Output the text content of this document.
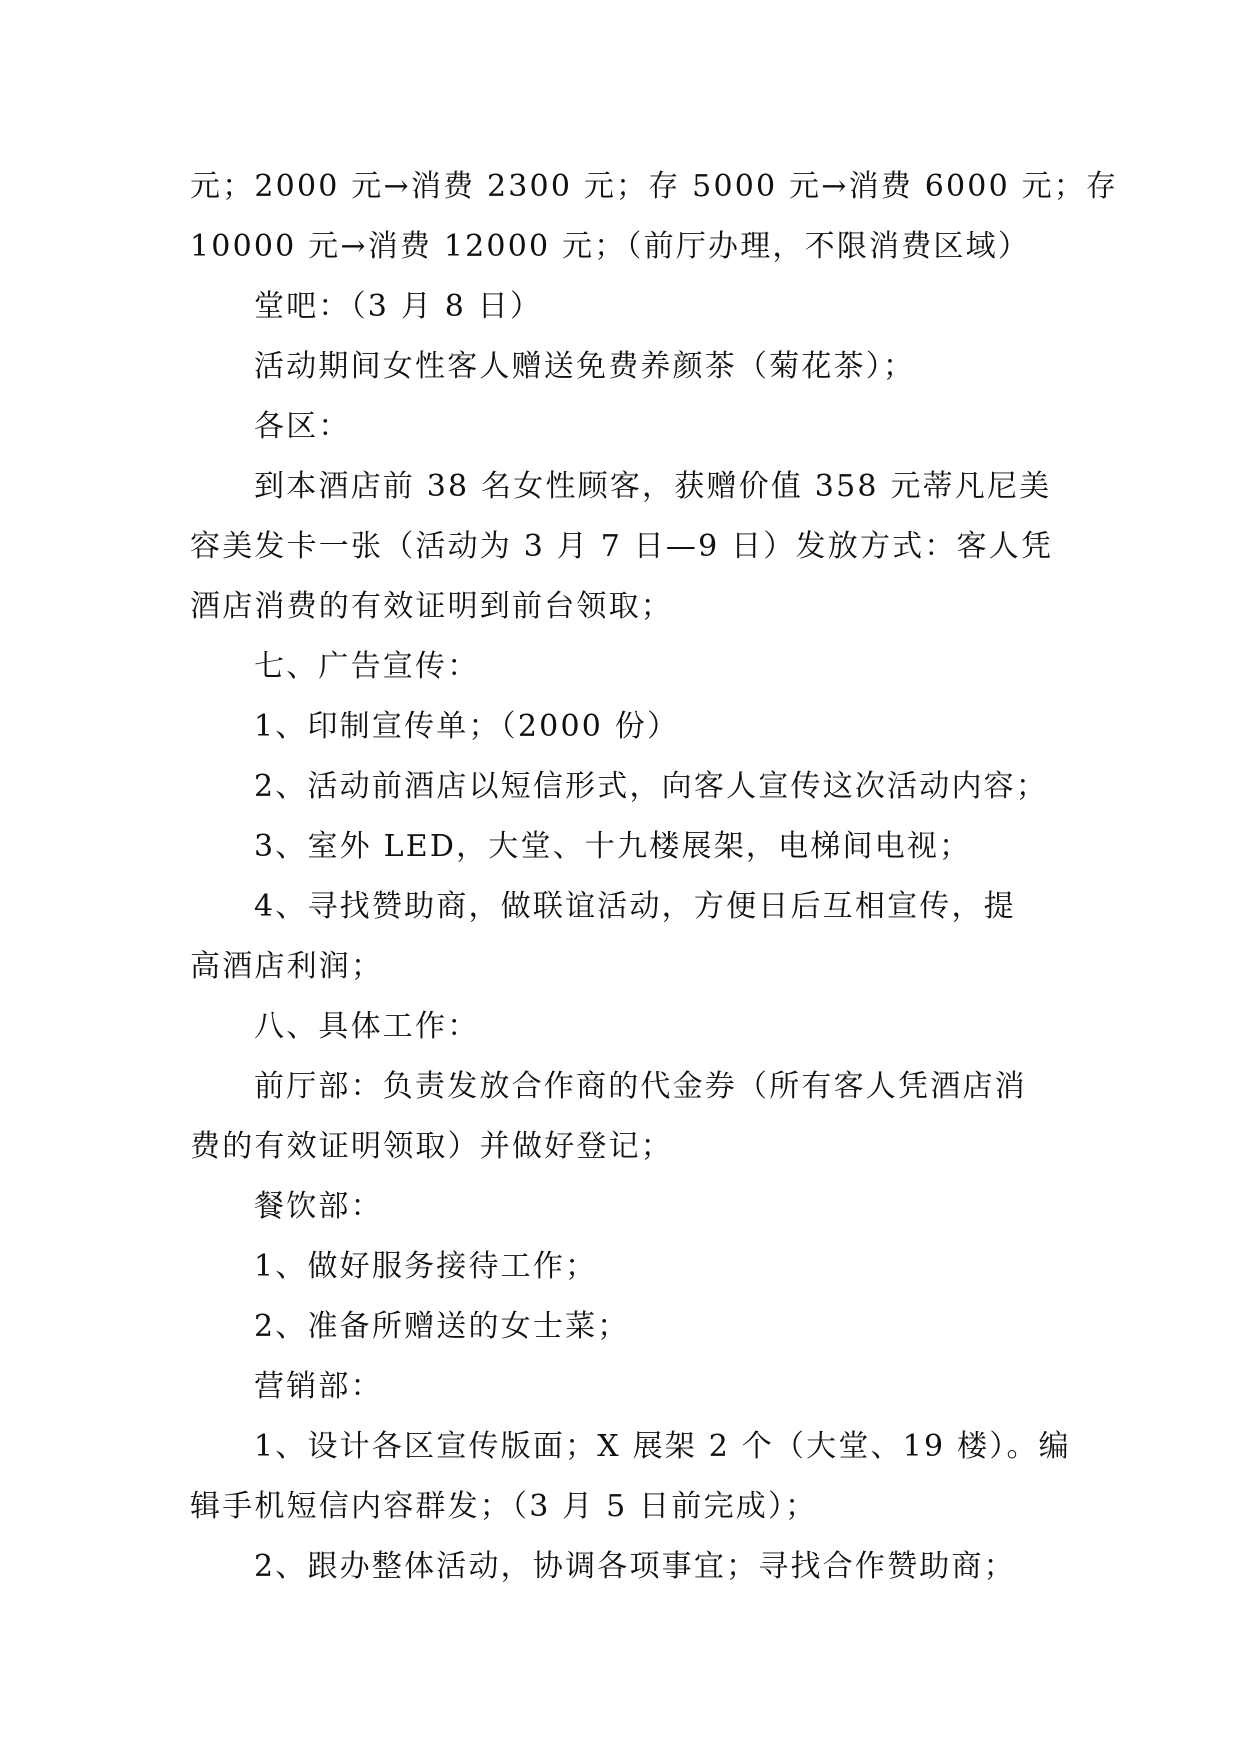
元；2000 元→消费 2300 元；存 5000 元→消费 6000 元；存

10000 元→消费 12000 元；（前厅办理，不限消费区域）

堂吧：（3 月 8 日）

活动期间女性客人赠送免费养颜茶（菊花茶）；

各区：

到本酒店前 38 名女性顾客，获赠价值 358 元蒂凡尼美

容美发卡一张（活动为 3 月 7 日—9 日）发放方式：客人凭

酒店消费的有效证明到前台领取；

七、广告宣传：

1、印制宣传单；（2000 份）

2、活动前酒店以短信形式，向客人宣传这次活动内容；

3、室外 LED，大堂、十九楼展架，电梯间电视；

4、寻找赞助商，做联谊活动，方便日后互相宣传，提

高酒店利润；

八、具体工作：

前厅部：负责发放合作商的代金券（所有客人凭酒店消

费的有效证明领取）并做好登记；

餐饮部：

1、做好服务接待工作；

2、准备所赠送的女士菜；

营销部：

1、设计各区宣传版面；X 展架 2 个（大堂、19 楼）。编

辑手机短信内容群发；（3 月 5 日前完成）；

2、跟办整体活动，协调各项事宜；寻找合作赞助商；
